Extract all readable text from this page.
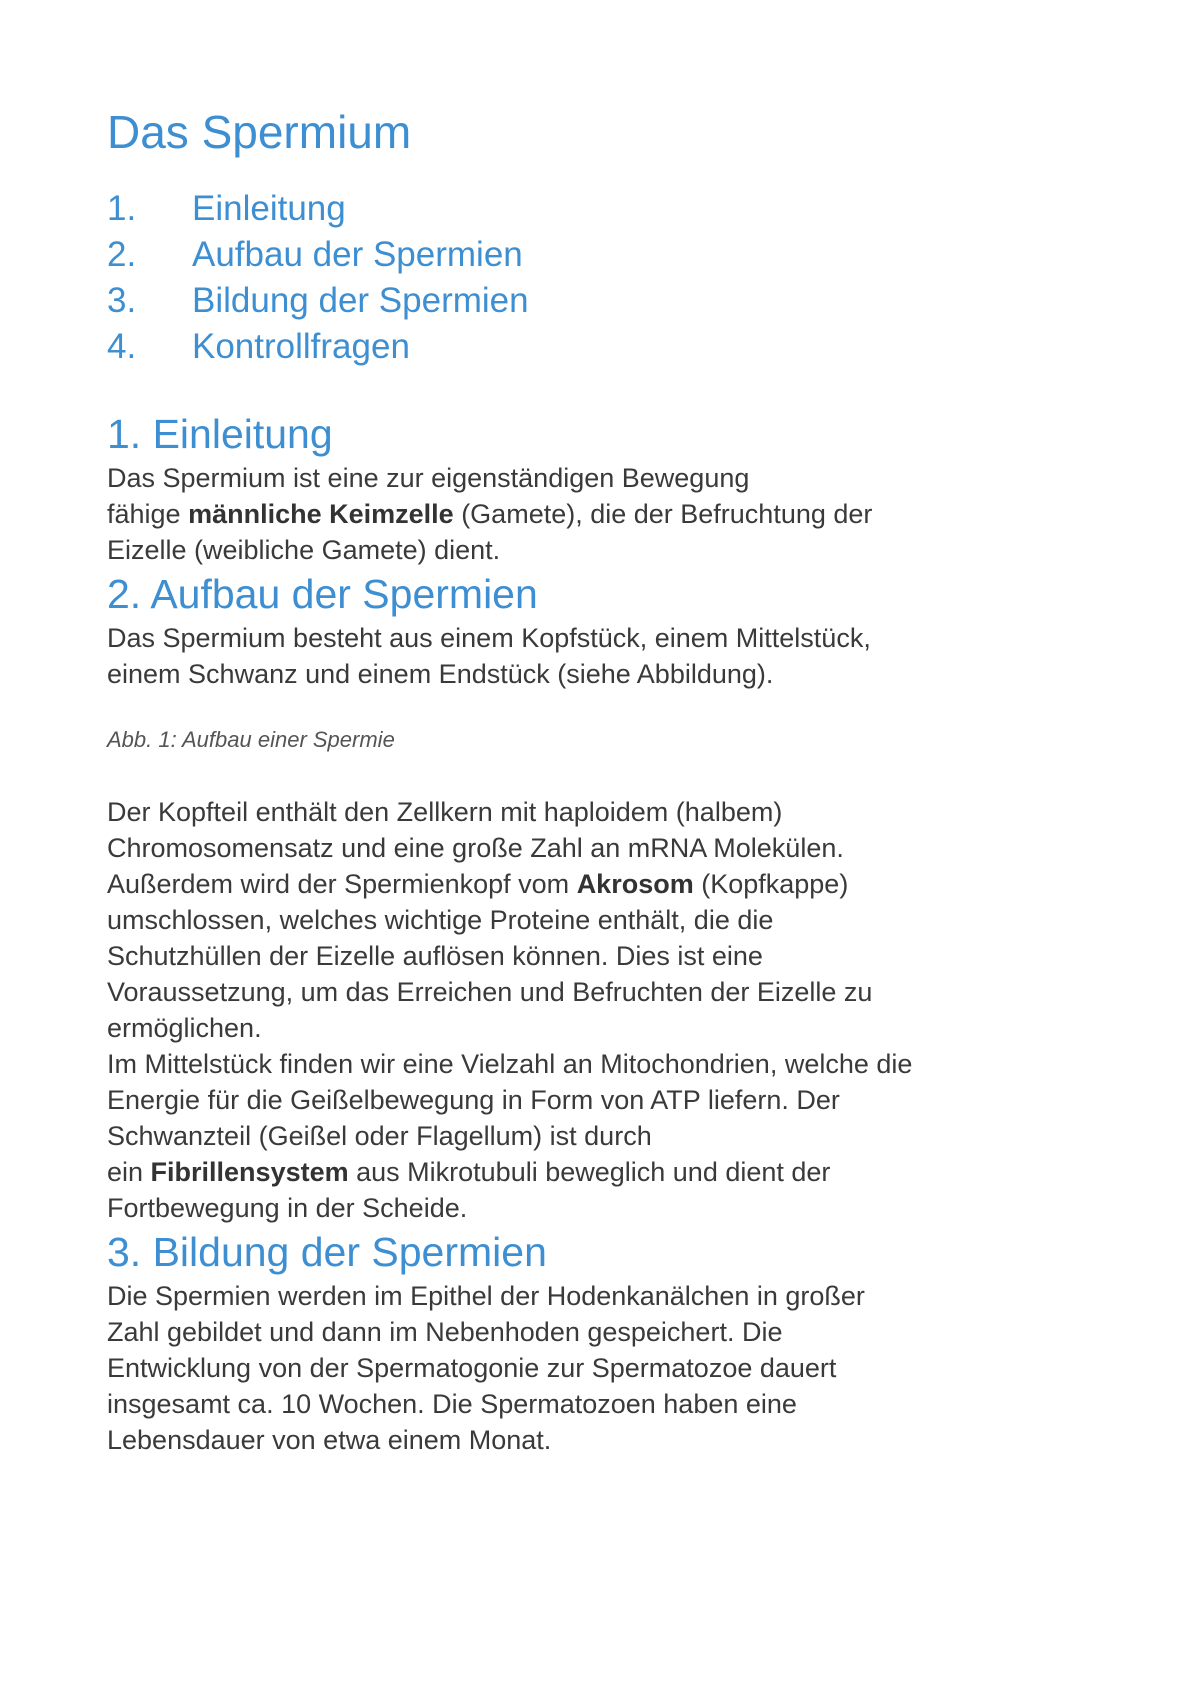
Das Spermium
1.	Einleitung
2.	Aufbau der Spermien
3.	Bildung der Spermien
4.	Kontrollfragen
1. Einleitung

Das Spermium ist eine zur eigenständigen Bewegung
fähige männliche Keimzelle (Gamete), die der Befruchtung der
Eizelle (weibliche Gamete) dient.

2. Aufbau der Spermien

Das Spermium besteht aus einem Kopfstück, einem Mittelstück,
einem Schwanz und einem Endstück (siehe Abbildung).

Abb. 1: Aufbau einer Spermie

Der Kopfteil enthält den Zellkern mit haploidem (halbem)
Chromosomensatz und eine große Zahl an mRNA Molekülen.
Außerdem wird der Spermienkopf vom Akrosom (Kopfkappe)
umschlossen, welches wichtige Proteine enthält, die die
Schutzhüllen der Eizelle auflösen können. Dies ist eine
Voraussetzung, um das Erreichen und Befruchten der Eizelle zu
ermöglichen.

Im Mittelstück finden wir eine Vielzahl an Mitochondrien, welche die
Energie für die Geißelbewegung in Form von ATP liefern. Der
Schwanzteil (Geißel oder Flagellum) ist durch
ein Fibrillensystem aus Mikrotubuli beweglich und dient der
Fortbewegung in der Scheide.

3. Bildung der Spermien

Die Spermien werden im Epithel der Hodenkanälchen in großer
Zahl gebildet und dann im Nebenhoden gespeichert. Die
Entwicklung von der Spermatogonie zur Spermatozoe dauert
insgesamt ca. 10 Wochen. Die Spermatozoen haben eine
Lebensdauer von etwa einem Monat.
